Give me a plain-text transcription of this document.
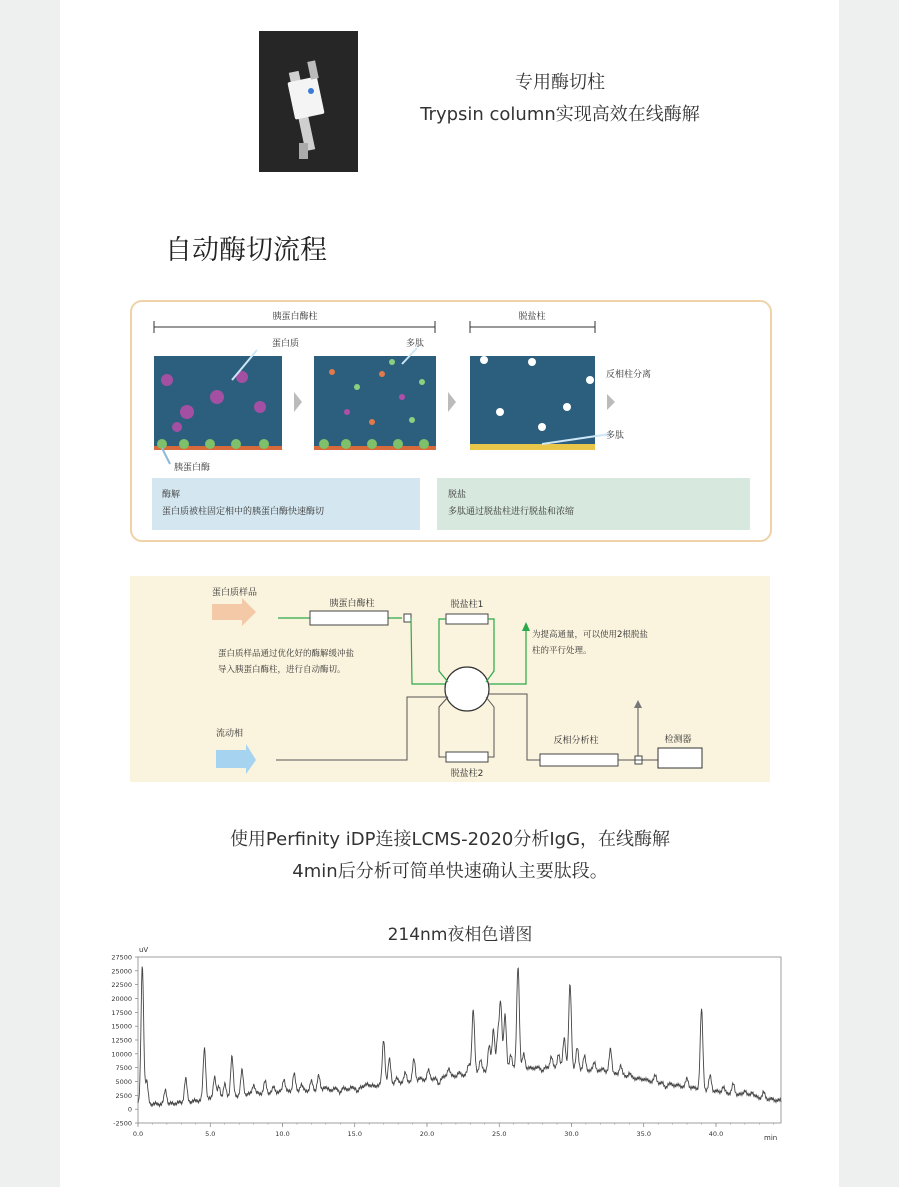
专用酶切柱
Trypsin column实现高效在线酶解
自动酶切流程
胰蛋白酶柱	脱盐柱
蛋白质
胰蛋白酶
多肽
反相柱分离
多肽
酶解
蛋白质被柱固定相中的胰蛋白酶快速酶切
脱盐
多肽通过脱盐柱进行脱盐和浓缩
蛋白质样品
蛋白质样品通过优化好的酶解缓冲盐
导入胰蛋白酶柱，进行自动酶切。
胰蛋白酶柱	脱盐柱1
为提高通量，可以使用2根脱盐
柱的平行处理。
流动相
脱盐柱2
反相分析柱	检测器
使用Perfinity iDP连接LCMS-2020分析IgG，在线酶解
4min后分析可简单快速确认主要肽段。
214nm夜相色谱图
uV
min
27500
25000
22500
20000
17500
15000
12500
10000
7500
5000
2500
0
-2500
0.0	5.0	10.0	15.0	20.0	25.0	30.0	35.0	40.0
